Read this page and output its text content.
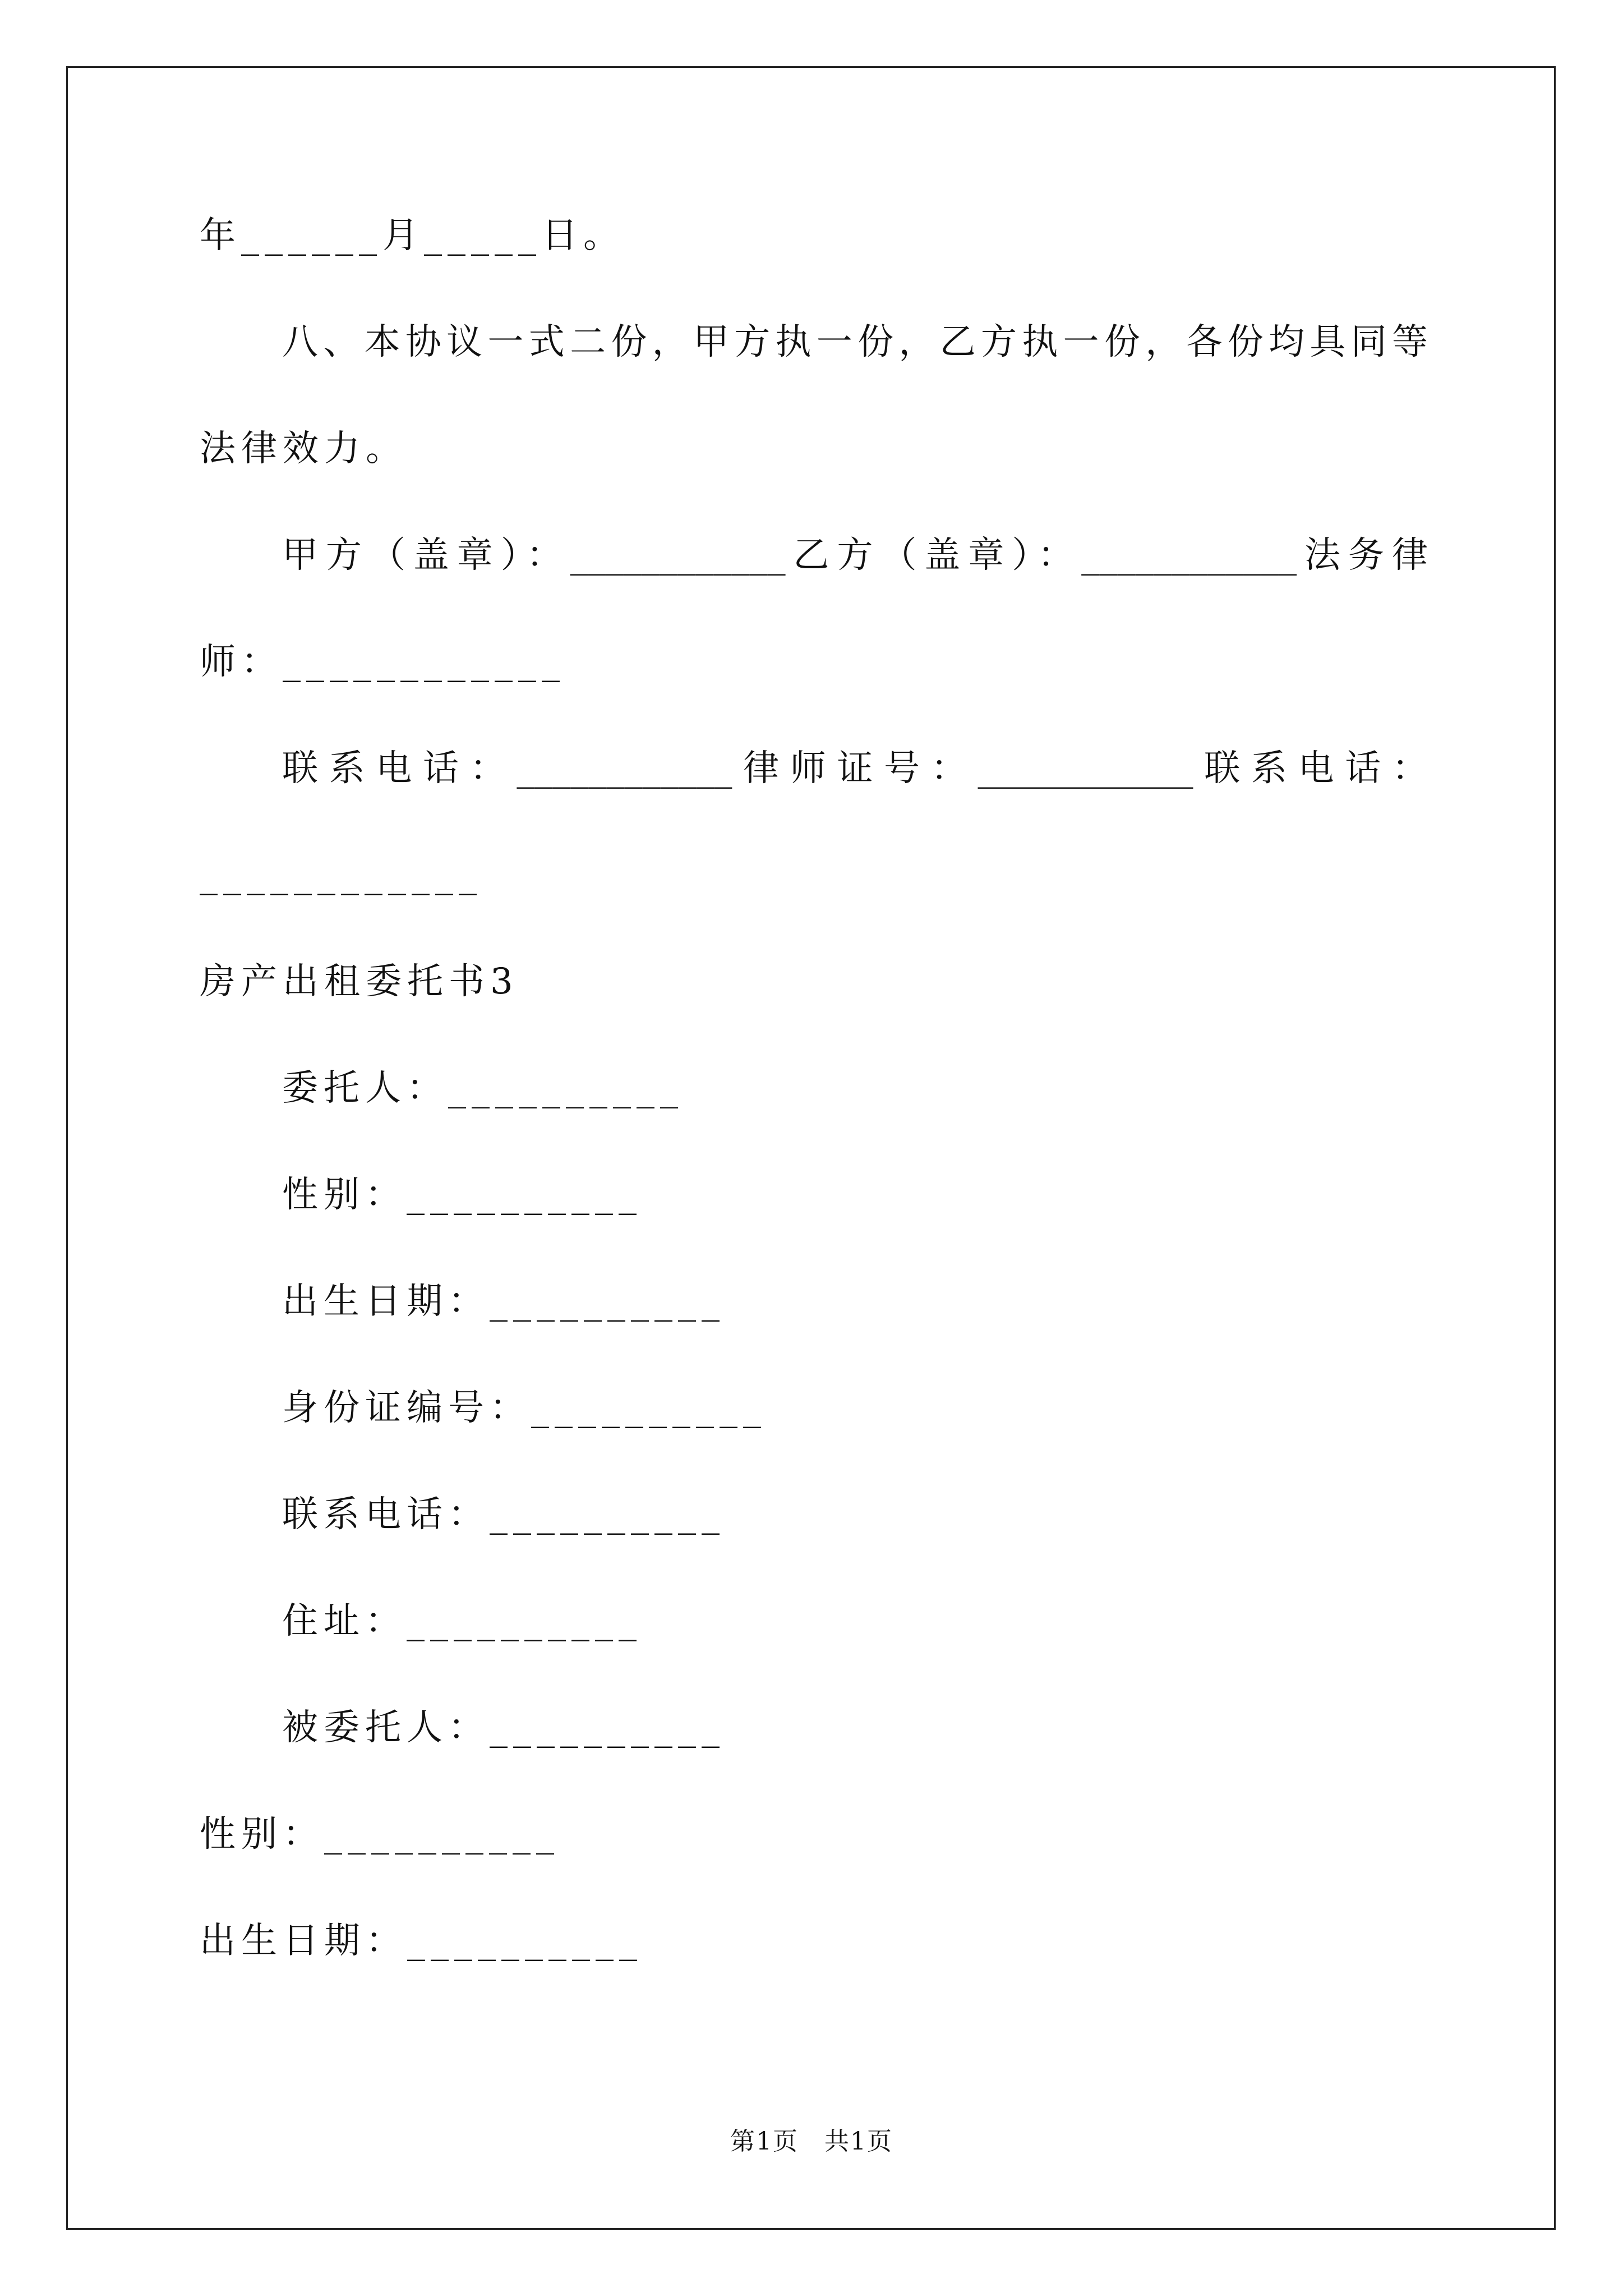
年______月_____日。
八、本协议一式二份，甲方执一份，乙方执一份，各份均具同等
法律效力。
甲方（盖章）：____________乙方（盖章）：____________法务律
师：____________
联系电话：____________律师证号：____________联系电话：
____________
房产出租委托书3
委托人：__________
性别：__________
出生日期：__________
身份证编号：__________
联系电话：__________
住址：__________
被委托人：__________
性别：__________
出生日期：__________
第1页　共1页
